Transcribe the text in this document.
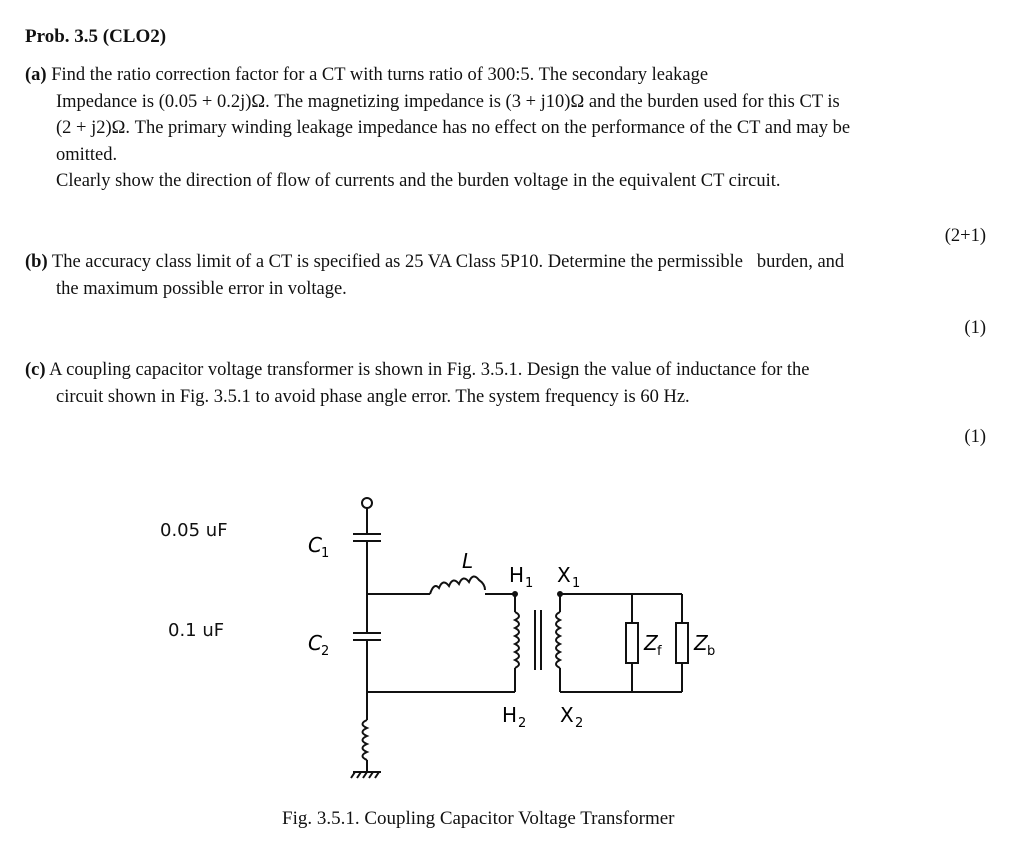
Prob. 3.5 (CLO2)
(a) Find the ratio correction factor for a CT with turns ratio of 300:5. The secondary leakage
Impedance is (0.05 + 0.2j)Ω. The magnetizing impedance is (3 + j10)Ω and the burden used for this CT is
(2 + j2)Ω. The primary winding leakage impedance has no effect on the performance of the CT and may be
omitted.
Clearly show the direction of flow of currents and the burden voltage in the equivalent CT circuit.
(2+1)
(b) The accuracy class limit of a CT is specified as 25 VA Class 5P10. Determine the permissible   burden, and
the maximum possible error in voltage.
(1)
(c) A coupling capacitor voltage transformer is shown in Fig. 3.5.1. Design the value of inductance for the
circuit shown in Fig. 3.5.1 to avoid phase angle error. The system frequency is 60 Hz.
(1)
0.05 uF
0.1 uF
C 1
C 2
L
H 1 X 1
H 2 X 2
Z f Z b
Fig. 3.5.1. Coupling Capacitor Voltage Transformer
